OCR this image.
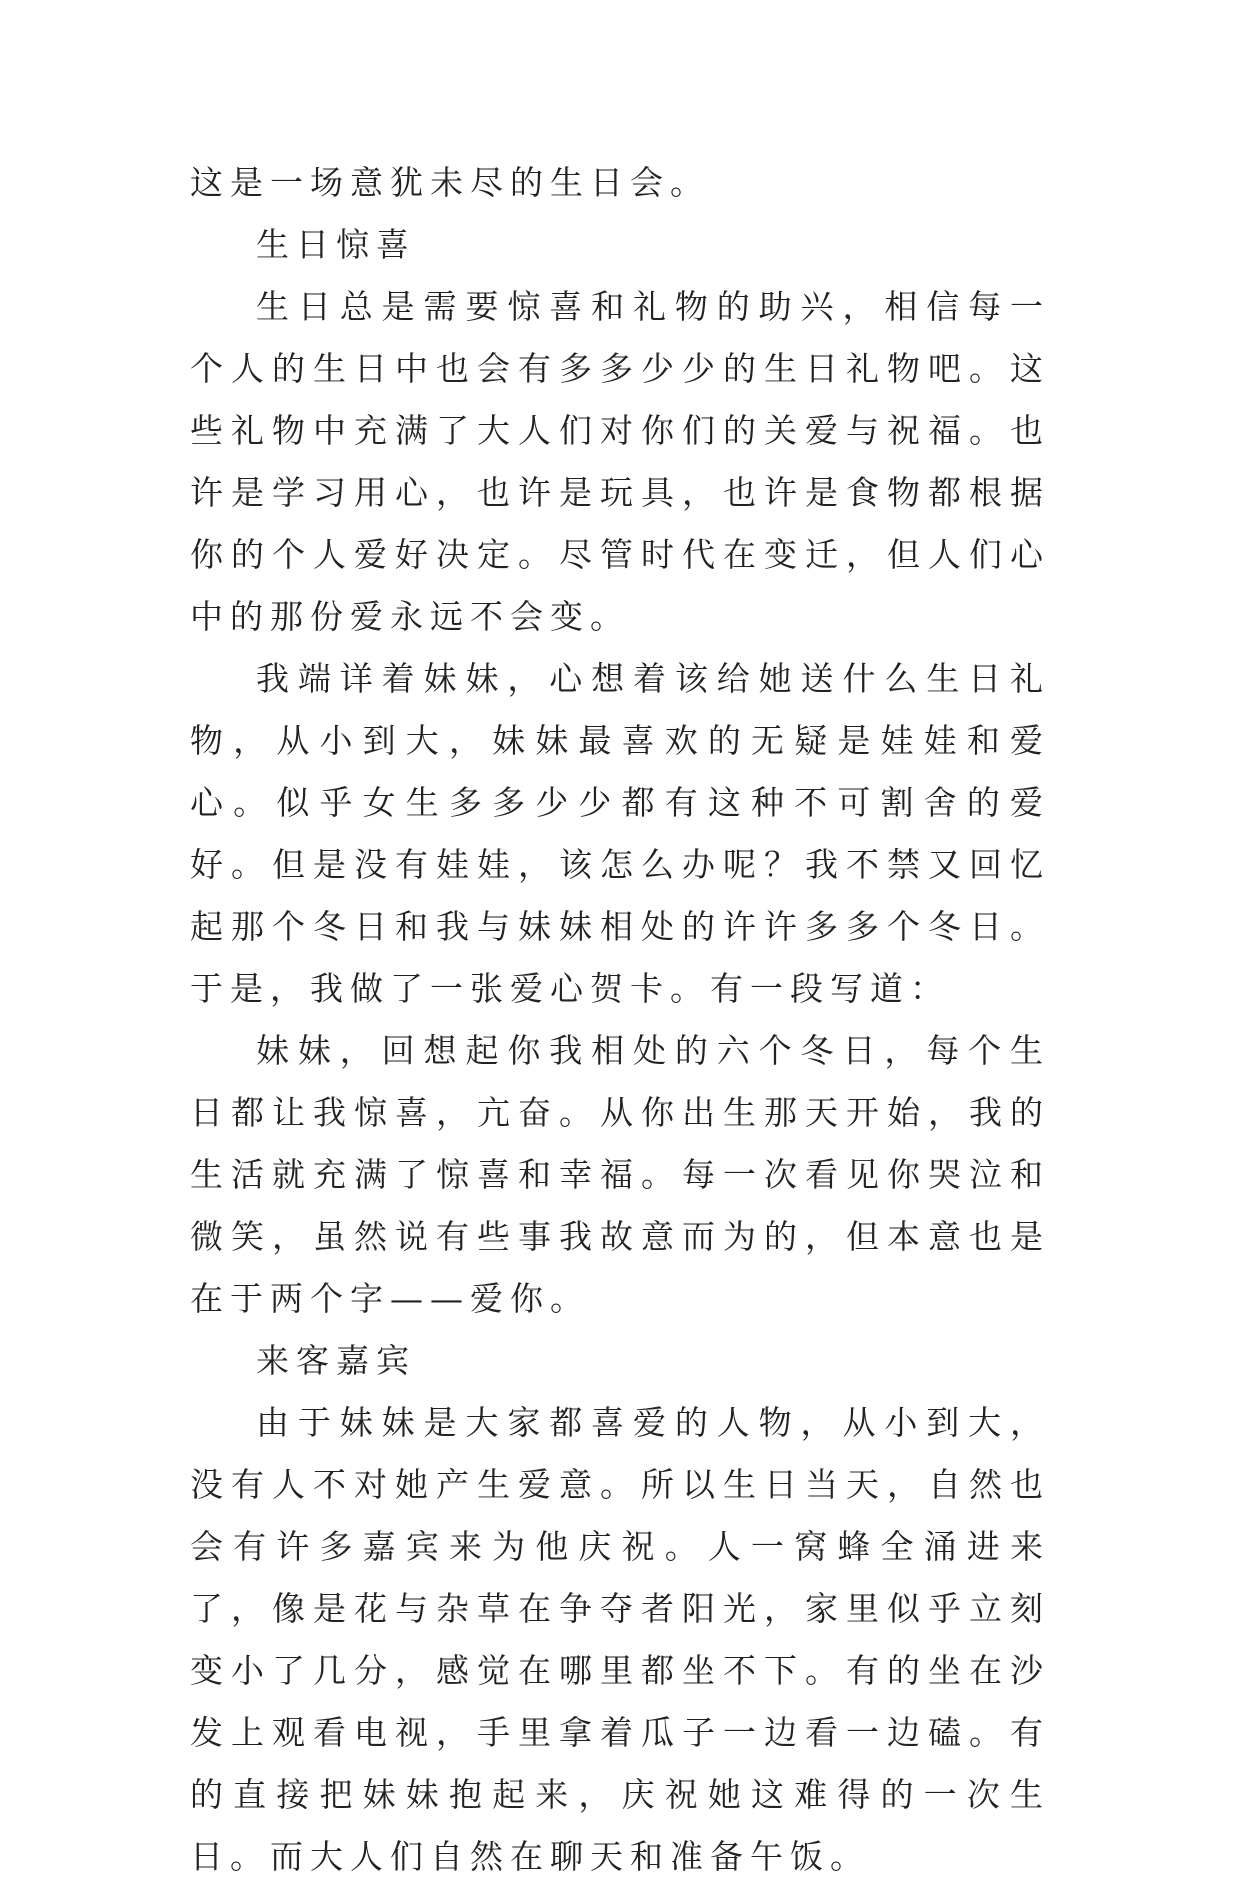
这是一场意犹未尽的生日会。

生日惊喜

生日总是需要惊喜和礼物的助兴，相信每一个人的生日中也会有多多少少的生日礼物吧。这些礼物中充满了大人们对你们的关爱与祝福。也许是学习用心，也许是玩具，也许是食物都根据你的个人爱好决定。尽管时代在变迁，但人们心中的那份爱永远不会变。

我端详着妹妹，心想着该给她送什么生日礼物，从小到大，妹妹最喜欢的无疑是娃娃和爱心。似乎女生多多少少都有这种不可割舍的爱好。但是没有娃娃，该怎么办呢？我不禁又回忆起那个冬日和我与妹妹相处的许许多多个冬日。于是，我做了一张爱心贺卡。有一段写道：

妹妹，回想起你我相处的六个冬日，每个生日都让我惊喜，亢奋。从你出生那天开始，我的生活就充满了惊喜和幸福。每一次看见你哭泣和微笑，虽然说有些事我故意而为的，但本意也是在于两个字——爱你。

来客嘉宾

由于妹妹是大家都喜爱的人物，从小到大，没有人不对她产生爱意。所以生日当天，自然也会有许多嘉宾来为他庆祝。人一窝蜂全涌进来了，像是花与杂草在争夺者阳光，家里似乎立刻变小了几分，感觉在哪里都坐不下。有的坐在沙发上观看电视，手里拿着瓜子一边看一边磕。有的直接把妹妹抱起来，庆祝她这难得的一次生日。而大人们自然在聊天和准备午饭。
